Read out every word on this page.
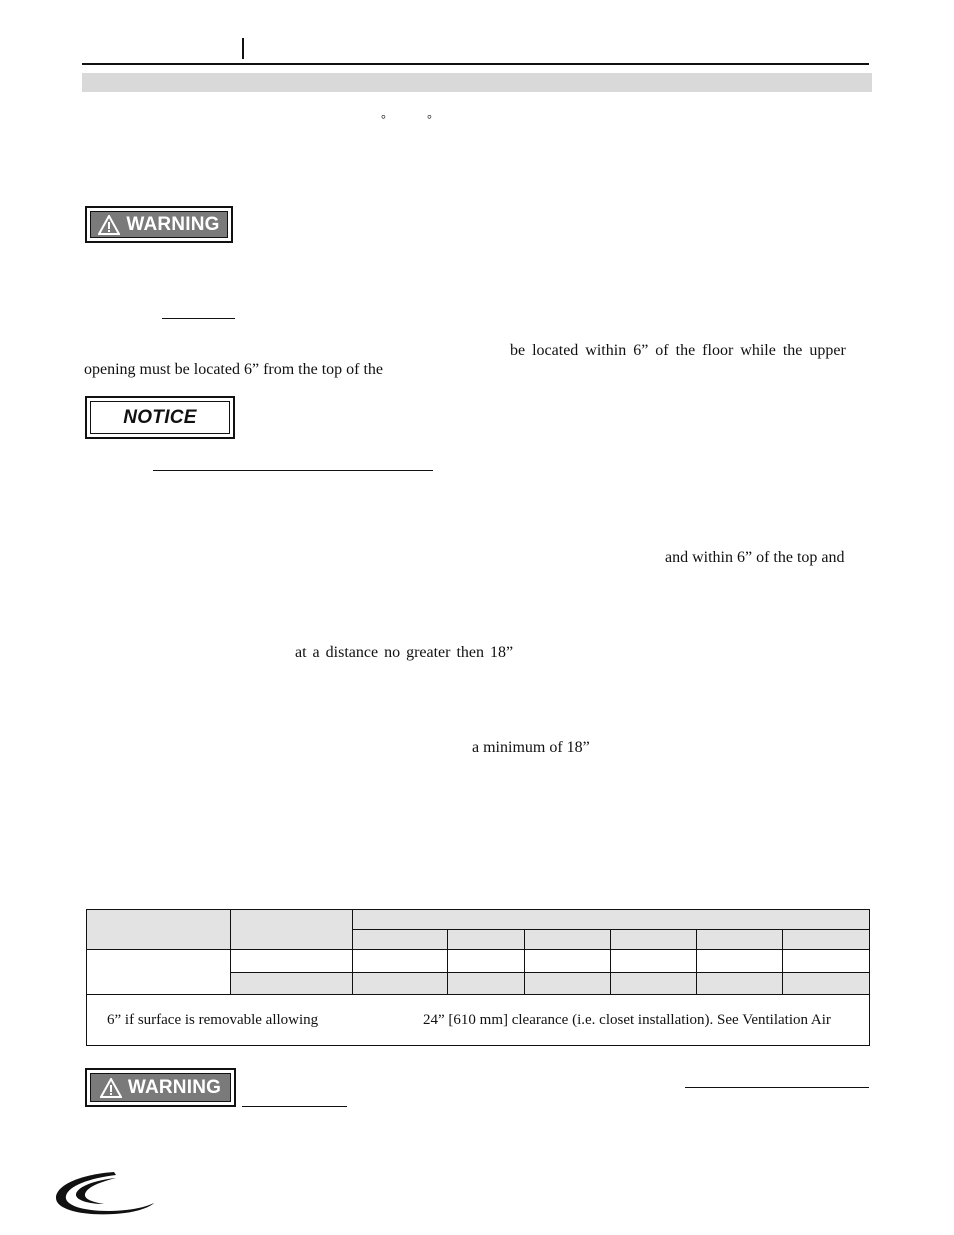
°	°
WARNING
be located within 6” of the floor while the upper
opening must be located 6” from the top of the
NOTICE
and within 6” of the top and
at a distance no greater then 18”
a minimum of 18”

6” if surface is removable allowing 24” [610 mm] clearance (i.e. closet installation). See Ventilation Air							
WARNING
